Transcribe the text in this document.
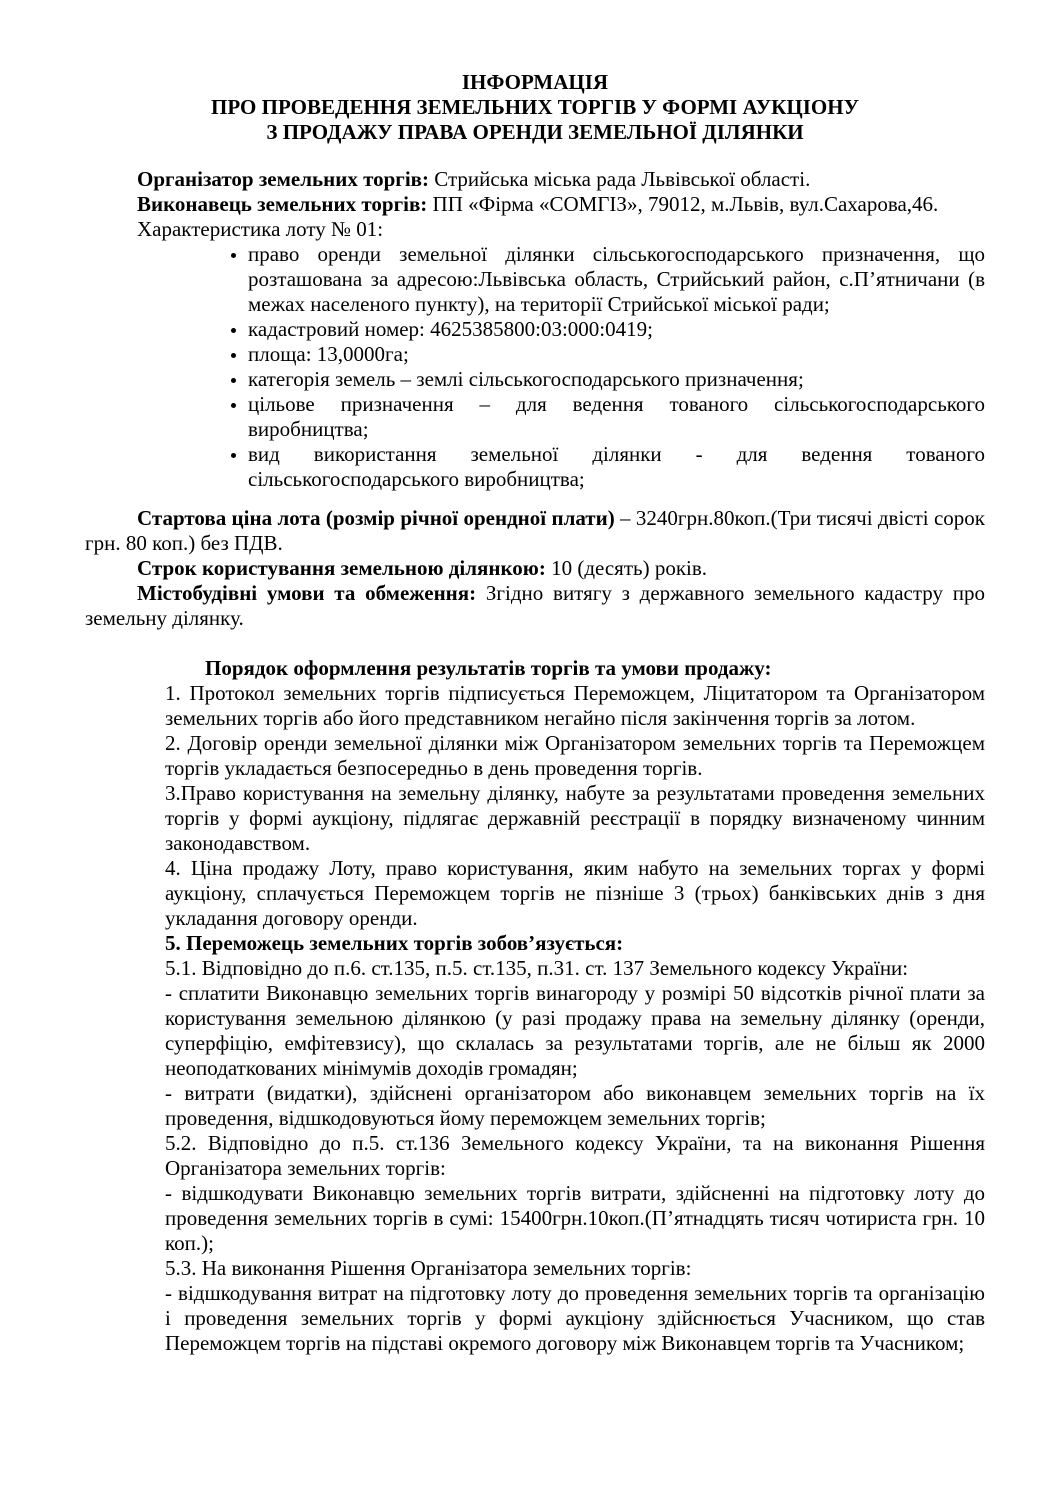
ІНФОРМАЦІЯ
ПРО ПРОВЕДЕННЯ ЗЕМЕЛЬНИХ ТОРГІВ У ФОРМІ АУКЦІОНУ
З ПРОДАЖУ ПРАВА ОРЕНДИ ЗЕМЕЛЬНОЇ ДІЛЯНКИ

Організатор земельних торгів: Стрийська міська рада Львівської області.

Виконавець земельних торгів: ПП «Фірма «СОМГІЗ», 79012, м.Львів, вул.Сахарова,46.

Характеристика лоту № 01:

• право оренди земельної ділянки сільськогосподарського призначення, що розташована за адресою:Львівська область, Стрийський район, с.П’ятничани (в межах населеного пункту), на території Стрийської міської ради;
• кадастровий номер: 4625385800:03:000:0419;
• площа: 13,0000га;
• категорія земель – землі сільськогосподарського призначення;
• цільове призначення – для ведення тованого сільськогосподарського виробництва;
• вид використання земельної ділянки - для ведення тованого сільськогосподарського виробництва;

Стартова ціна лота (розмір річної орендної плати) – 3240грн.80коп.(Три тисячі двісті сорок грн. 80 коп.) без ПДВ.

Строк користування земельною ділянкою: 10 (десять) років.

Містобудівні умови та обмеження: Згідно витягу з державного земельного кадастру про земельну ділянку.

Порядок оформлення результатів торгів та умови продажу:

1. Протокол земельних торгів підписується Переможцем, Ліцитатором та Організатором земельних торгів або його представником негайно після закінчення торгів за лотом.

2. Договір оренди земельної ділянки між Організатором земельних торгів та Переможцем торгів укладається безпосередньо в день проведення торгів.

3.Право користування на земельну ділянку, набуте за результатами проведення земельних торгів у формі аукціону, підлягає державній реєстрації в порядку визначеному чинним законодавством.

4. Ціна продажу Лоту, право користування, яким набуто на земельних торгах у формі аукціону, сплачується Переможцем торгів не пізніше 3 (трьох) банківських днів з дня укладання договору оренди.

5. Переможець земельних торгів зобов’язується:

5.1. Відповідно до п.6. ст.135, п.5. ст.135, п.31. ст. 137 Земельного кодексу України:

- сплатити Виконавцю земельних торгів винагороду у розмірі 50 відсотків річної плати за користування земельною ділянкою (у разі продажу права на земельну ділянку (оренди, суперфіцію, емфітевзису), що склалась за результатами торгів, але не більш як 2000 неоподаткованих мінімумів доходів громадян;

- витрати (видатки), здійснені організатором або виконавцем земельних торгів на їх проведення, відшкодовуються йому переможцем земельних торгів;

5.2. Відповідно до п.5. ст.136 Земельного кодексу України, та на виконання Рішення Організатора земельних торгів:

- відшкодувати Виконавцю земельних торгів витрати, здійсненні на підготовку лоту до проведення земельних торгів в сумі: 15400грн.10коп.(П’ятнадцять тисяч чотириста грн. 10 коп.);

5.3. На виконання Рішення Організатора земельних торгів:

- відшкодування витрат на підготовку лоту до проведення земельних торгів та організацію і проведення земельних торгів у формі аукціону здійснюється Учасником, що став Переможцем торгів на підставі окремого договору між Виконавцем торгів та Учасником;
